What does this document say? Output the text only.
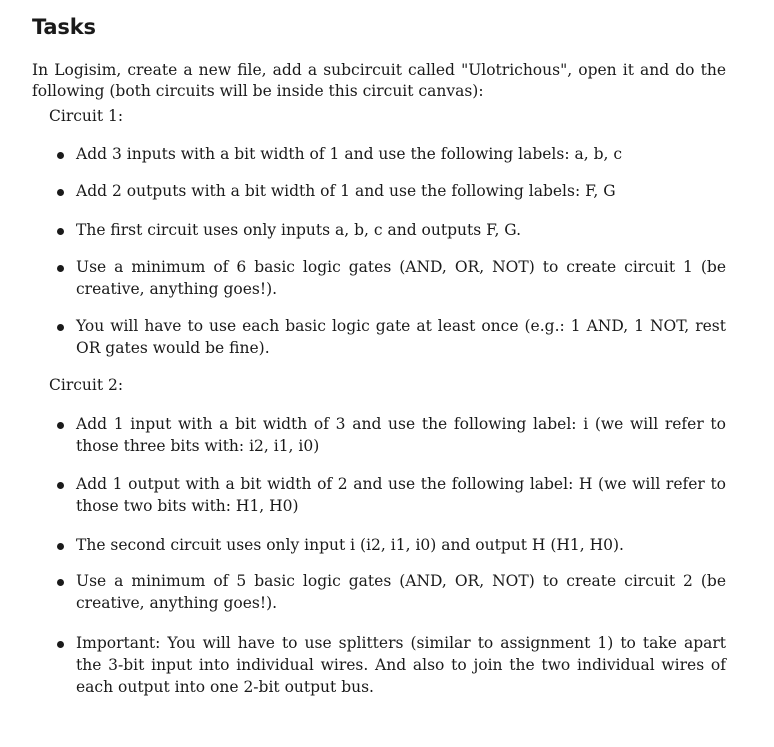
Tasks

In Logisim, create a new file, add a subcircuit called "Ulotrichous", open it and do the following (both circuits will be inside this circuit canvas):

Circuit 1:

Add 3 inputs with a bit width of 1 and use the following labels: a, b, c

Add 2 outputs with a bit width of 1 and use the following labels: F, G

The first circuit uses only inputs a, b, c and outputs F, G.

Use a minimum of 6 basic logic gates (AND, OR, NOT) to create circuit 1 (be creative, anything goes!).

You will have to use each basic logic gate at least once (e.g.: 1 AND, 1 NOT, rest OR gates would be fine).

Circuit 2:

Add 1 input with a bit width of 3 and use the following label: i (we will refer to those three bits with: i2, i1, i0)

Add 1 output with a bit width of 2 and use the following label: H (we will refer to those two bits with: H1, H0)

The second circuit uses only input i (i2, i1, i0) and output H (H1, H0).

Use a minimum of 5 basic logic gates (AND, OR, NOT) to create circuit 2 (be creative, anything goes!).

Important: You will have to use splitters (similar to assignment 1) to take apart the 3-bit input into individual wires. And also to join the two individual wires of each output into one 2-bit output bus.
